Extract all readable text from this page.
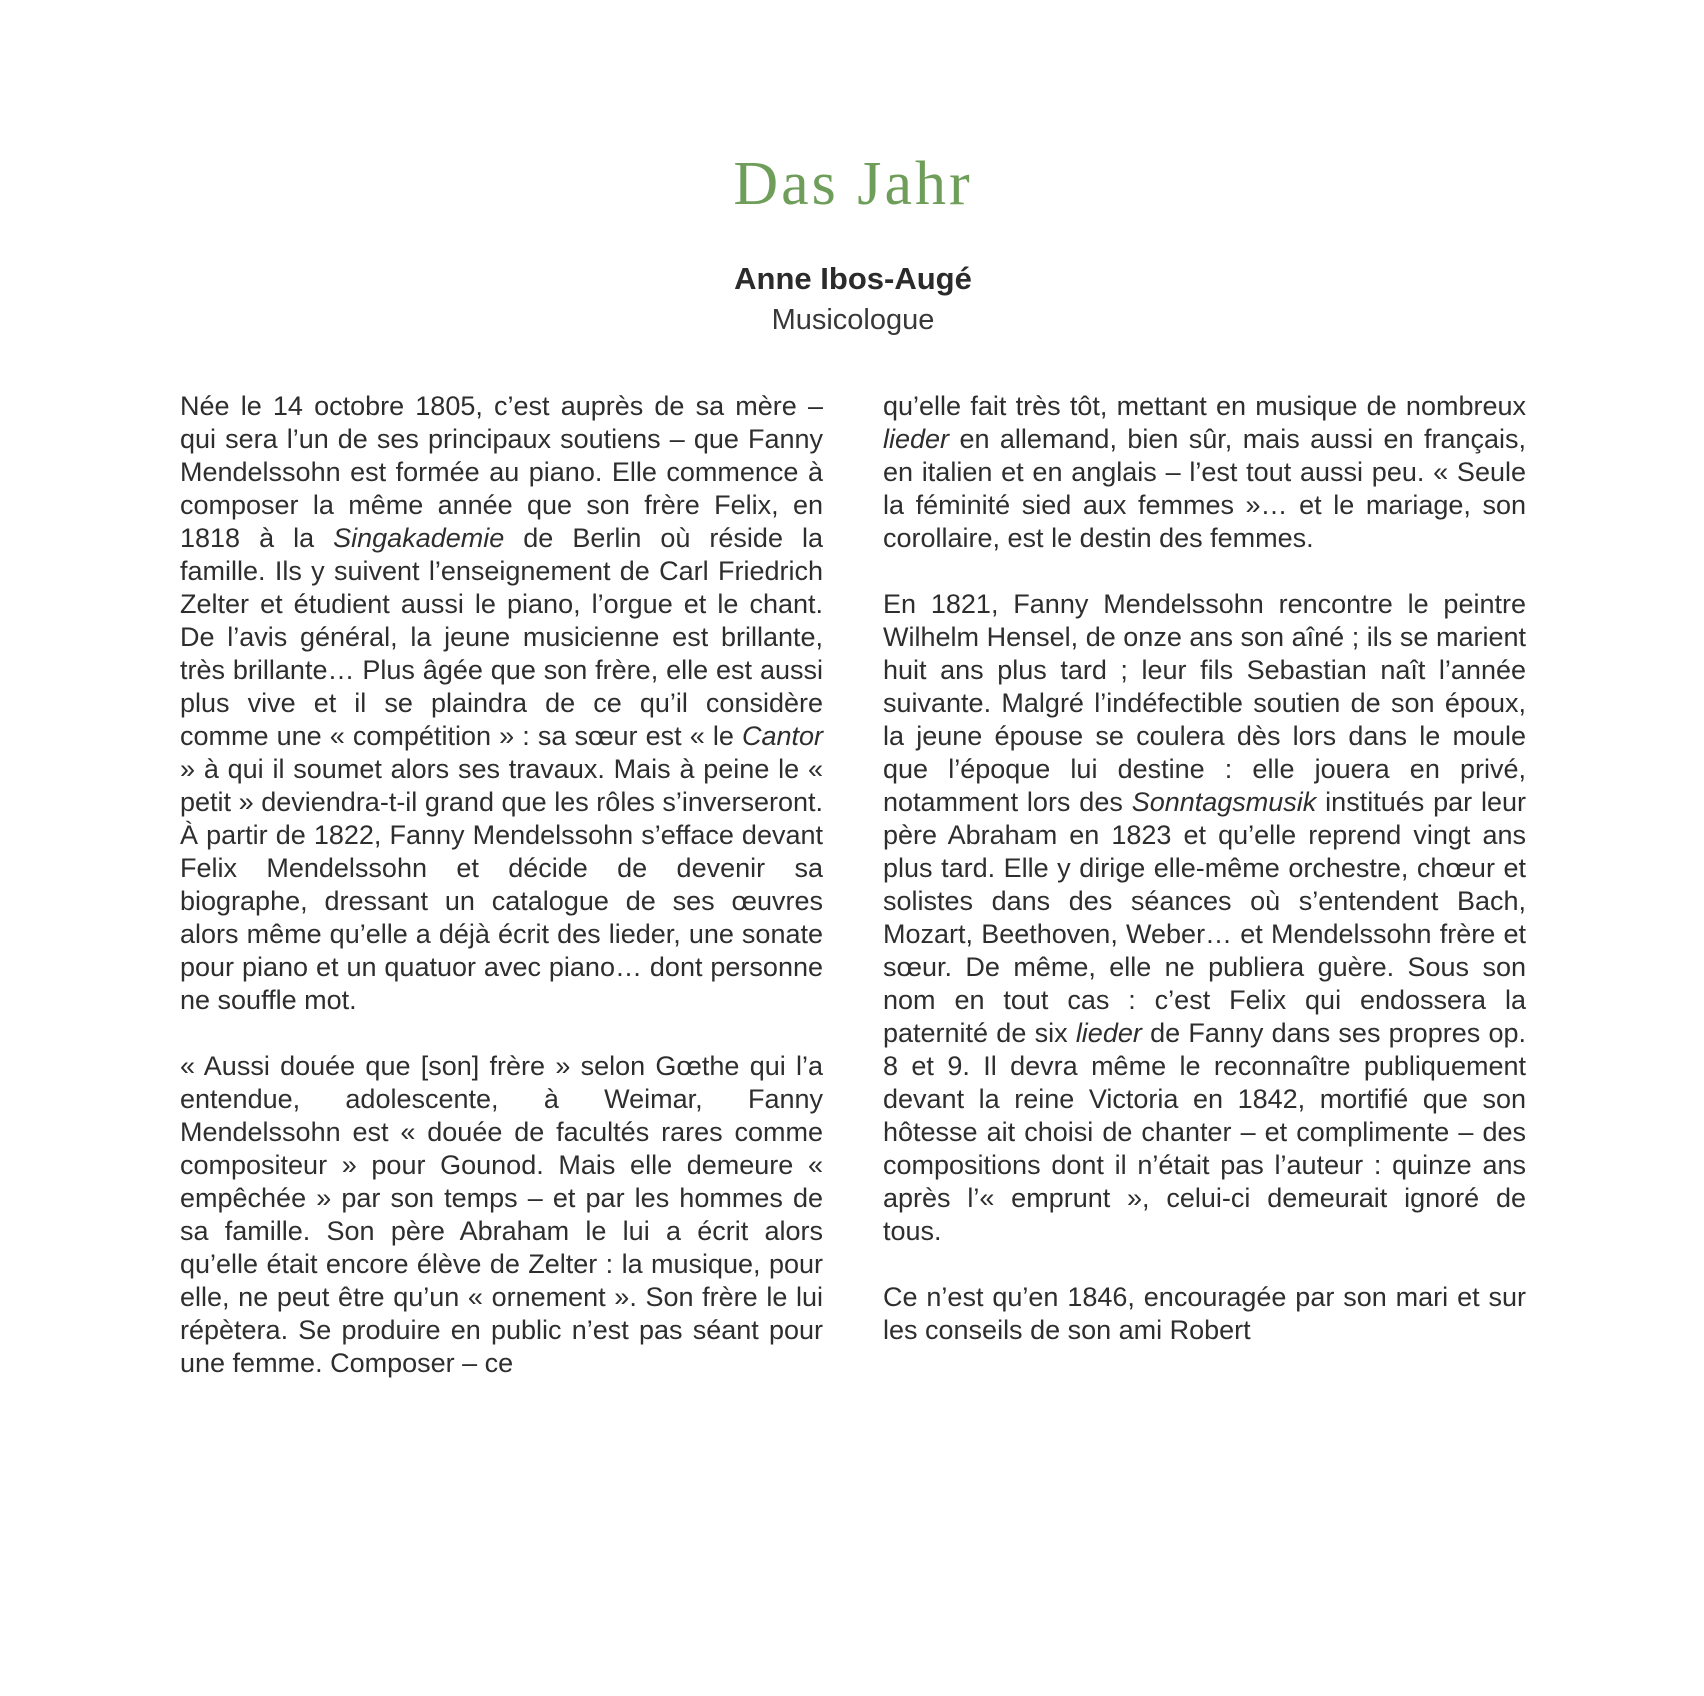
Das Jahr
Anne Ibos-Augé
Musicologue

Née le 14 octobre 1805, c’est auprès de sa mère – qui sera l’un de ses principaux soutiens – que Fanny Mendelssohn est formée au piano. Elle commence à composer la même année que son frère Felix, en 1818 à la Singakademie de Berlin où réside la famille. Ils y suivent l’enseignement de Carl Friedrich Zelter et étudient aussi le piano, l’orgue et le chant. De l’avis général, la jeune musicienne est brillante, très brillante… Plus âgée que son frère, elle est aussi plus vive et il se plaindra de ce qu’il considère comme une « compétition » : sa sœur est « le Cantor » à qui il soumet alors ses travaux. Mais à peine le « petit » deviendra-t-il grand que les rôles s’inverseront. À partir de 1822, Fanny Mendelssohn s’efface devant Felix Mendelssohn et décide de devenir sa biographe, dressant un catalogue de ses œuvres alors même qu’elle a déjà écrit des lieder, une sonate pour piano et un quatuor avec piano… dont personne ne souffle mot.

« Aussi douée que [son] frère » selon Gœthe qui l’a entendue, adolescente, à Weimar, Fanny Mendelssohn est « douée de facultés rares comme compositeur » pour Gounod. Mais elle demeure « empêchée » par son temps – et par les hommes de sa famille. Son père Abraham le lui a écrit alors qu’elle était encore élève de Zelter : la musique, pour elle, ne peut être qu’un « ornement ». Son frère le lui répètera. Se produire en public n’est pas séant pour une femme. Composer – ce

qu’elle fait très tôt, mettant en musique de nombreux lieder en allemand, bien sûr, mais aussi en français, en italien et en anglais – l’est tout aussi peu. « Seule la féminité sied aux femmes »… et le mariage, son corollaire, est le destin des femmes.

En 1821, Fanny Mendelssohn rencontre le peintre Wilhelm Hensel, de onze ans son aîné ; ils se marient huit ans plus tard ; leur fils Sebastian naît l’année suivante. Malgré l’indéfectible soutien de son époux, la jeune épouse se coulera dès lors dans le moule que l’époque lui destine : elle jouera en privé, notamment lors des Sonntagsmusik institués par leur père Abraham en 1823 et qu’elle reprend vingt ans plus tard. Elle y dirige elle-même orchestre, chœur et solistes dans des séances où s’entendent Bach, Mozart, Beethoven, Weber… et Mendelssohn frère et sœur. De même, elle ne publiera guère. Sous son nom en tout cas : c’est Felix qui endossera la paternité de six lieder de Fanny dans ses propres op. 8 et 9. Il devra même le reconnaître publiquement devant la reine Victoria en 1842, mortifié que son hôtesse ait choisi de chanter – et complimente – des compositions dont il n’était pas l’auteur : quinze ans après l’« emprunt », celui-ci demeurait ignoré de tous.

Ce n’est qu’en 1846, encouragée par son mari et sur les conseils de son ami Robert
